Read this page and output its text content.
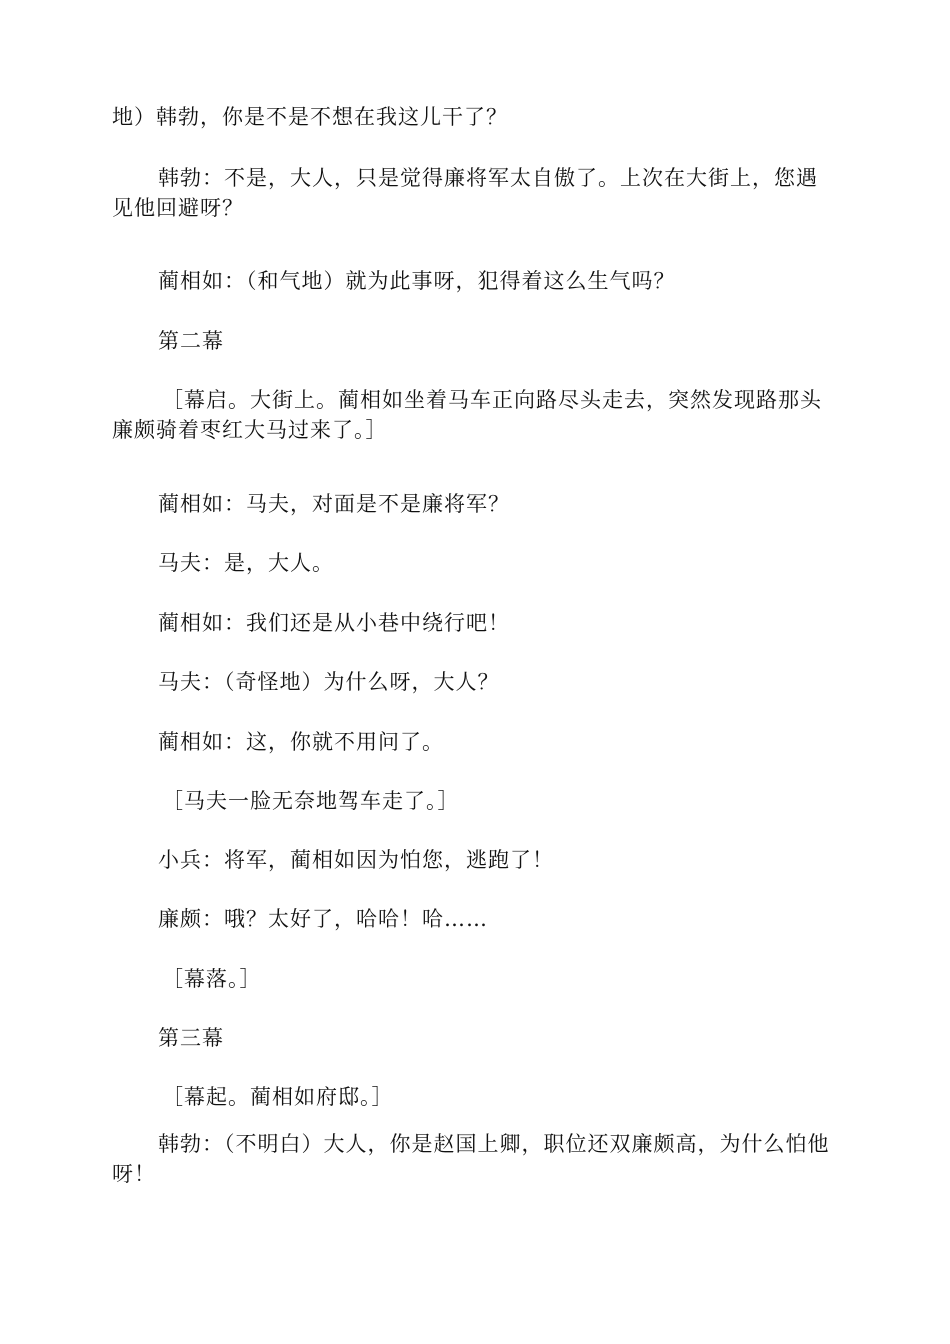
地）韩勃，你是不是不想在我这儿干了？

韩勃：不是，大人，只是觉得廉将军太自傲了。上次在大街上，您遇见他回避呀？

蔺相如：（和气地）就为此事呀，犯得着这么生气吗？

第二幕

［幕启。大街上。蔺相如坐着马车正向路尽头走去，突然发现路那头廉颇骑着枣红大马过来了。］

蔺相如：马夫，对面是不是廉将军？

马夫：是，大人。

蔺相如：我们还是从小巷中绕行吧！

马夫：（奇怪地）为什么呀，大人？

蔺相如：这，你就不用问了。

［马夫一脸无奈地驾车走了。］

小兵：将军，蔺相如因为怕您，逃跑了！

廉颇：哦？太好了，哈哈！哈……

［幕落。］

第三幕

［幕起。蔺相如府邸。］

韩勃：（不明白）大人，你是赵国上卿，职位还双廉颇高，为什么怕他呀！
